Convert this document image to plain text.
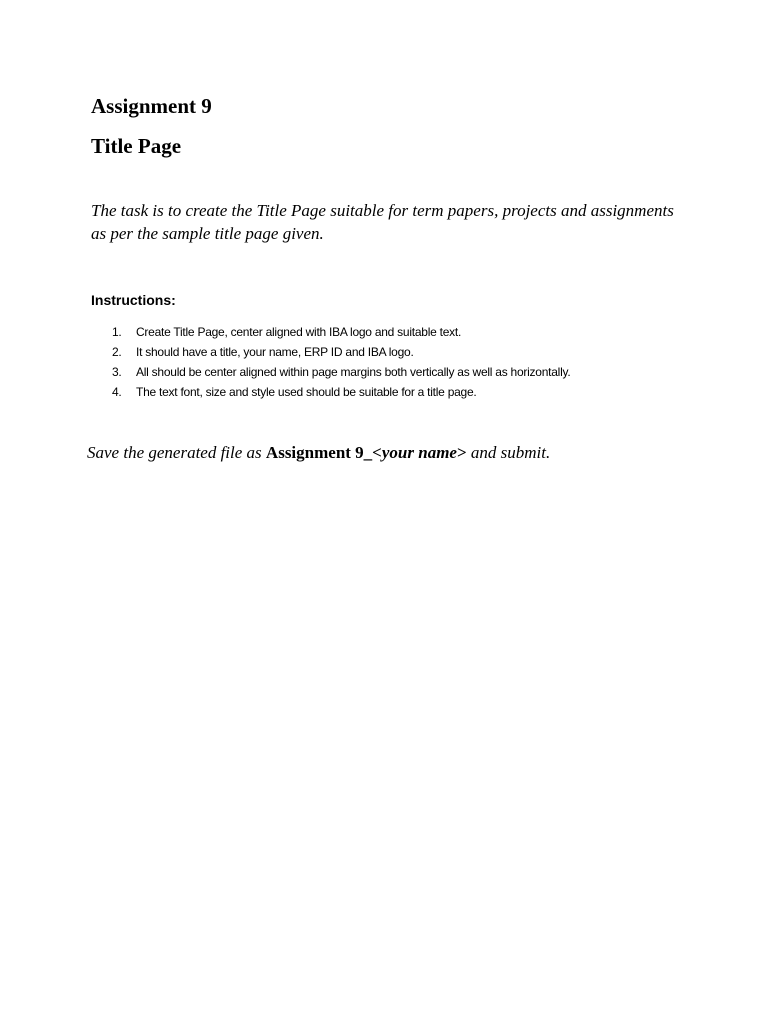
Assignment 9
Title Page

The task is to create the Title Page suitable for term papers, projects and assignments as per the sample title page given.

Instructions:
1.	Create Title Page, center aligned with IBA logo and suitable text.
2.	It should have a title, your name, ERP ID and IBA logo.
3.	All should be center aligned within page margins both vertically as well as horizontally.
4.	The text font, size and style used should be suitable for a title page.

Save the generated file as Assignment 9_<your name> and submit.
